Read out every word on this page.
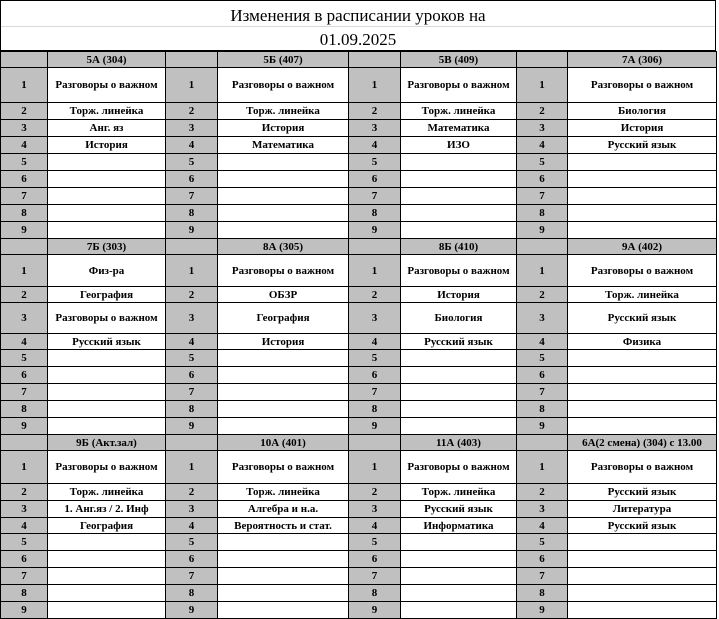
Изменения в расписании уроков на
01.09.2025
	5А (304)		5Б (407)		5В (409)		7А (306)
1	Разговоры о важном	1	Разговоры о важном	1	Разговоры о важном	1	Разговоры о важном
2	Торж. линейка	2	Торж. линейка	2	Торж. линейка	2	Биология
3	Анг. яз	3	История	3	Математика	3	История
4	История	4	Математика	4	ИЗО	4	Русский язык
5		5		5		5	
6		6		6		6	
7		7		7		7	
8		8		8		8	
9		9		9		9	
	7Б (303)		8А (305)		8Б (410)		9А (402)
1	Физ-ра	1	Разговоры о важном	1	Разговоры о важном	1	Разговоры о важном
2	География	2	ОБЗР	2	История	2	Торж. линейка
3	Разговоры о важном	3	География	3	Биология	3	Русский язык
4	Русский язык	4	История	4	Русский язык	4	Физика
5		5		5		5	
6		6		6		6	
7		7		7		7	
8		8		8		8	
9		9		9		9	
	9Б (Акт.зал)		10А (401)		11А (403)		6А(2 смена) (304) с 13.00
1	Разговоры о важном	1	Разговоры о важном	1	Разговоры о важном	1	Разговоры о важном
2	Торж. линейка	2	Торж. линейка	2	Торж. линейка	2	Русский язык
3	1. Анг.яз / 2. Инф	3	Алгебра и н.а.	3	Русский язык	3	Литература
4	География	4	Вероятность и стат.	4	Информатика	4	Русский язык
5		5		5		5	
6		6		6		6	
7		7		7		7	
8		8		8		8	
9		9		9		9	
